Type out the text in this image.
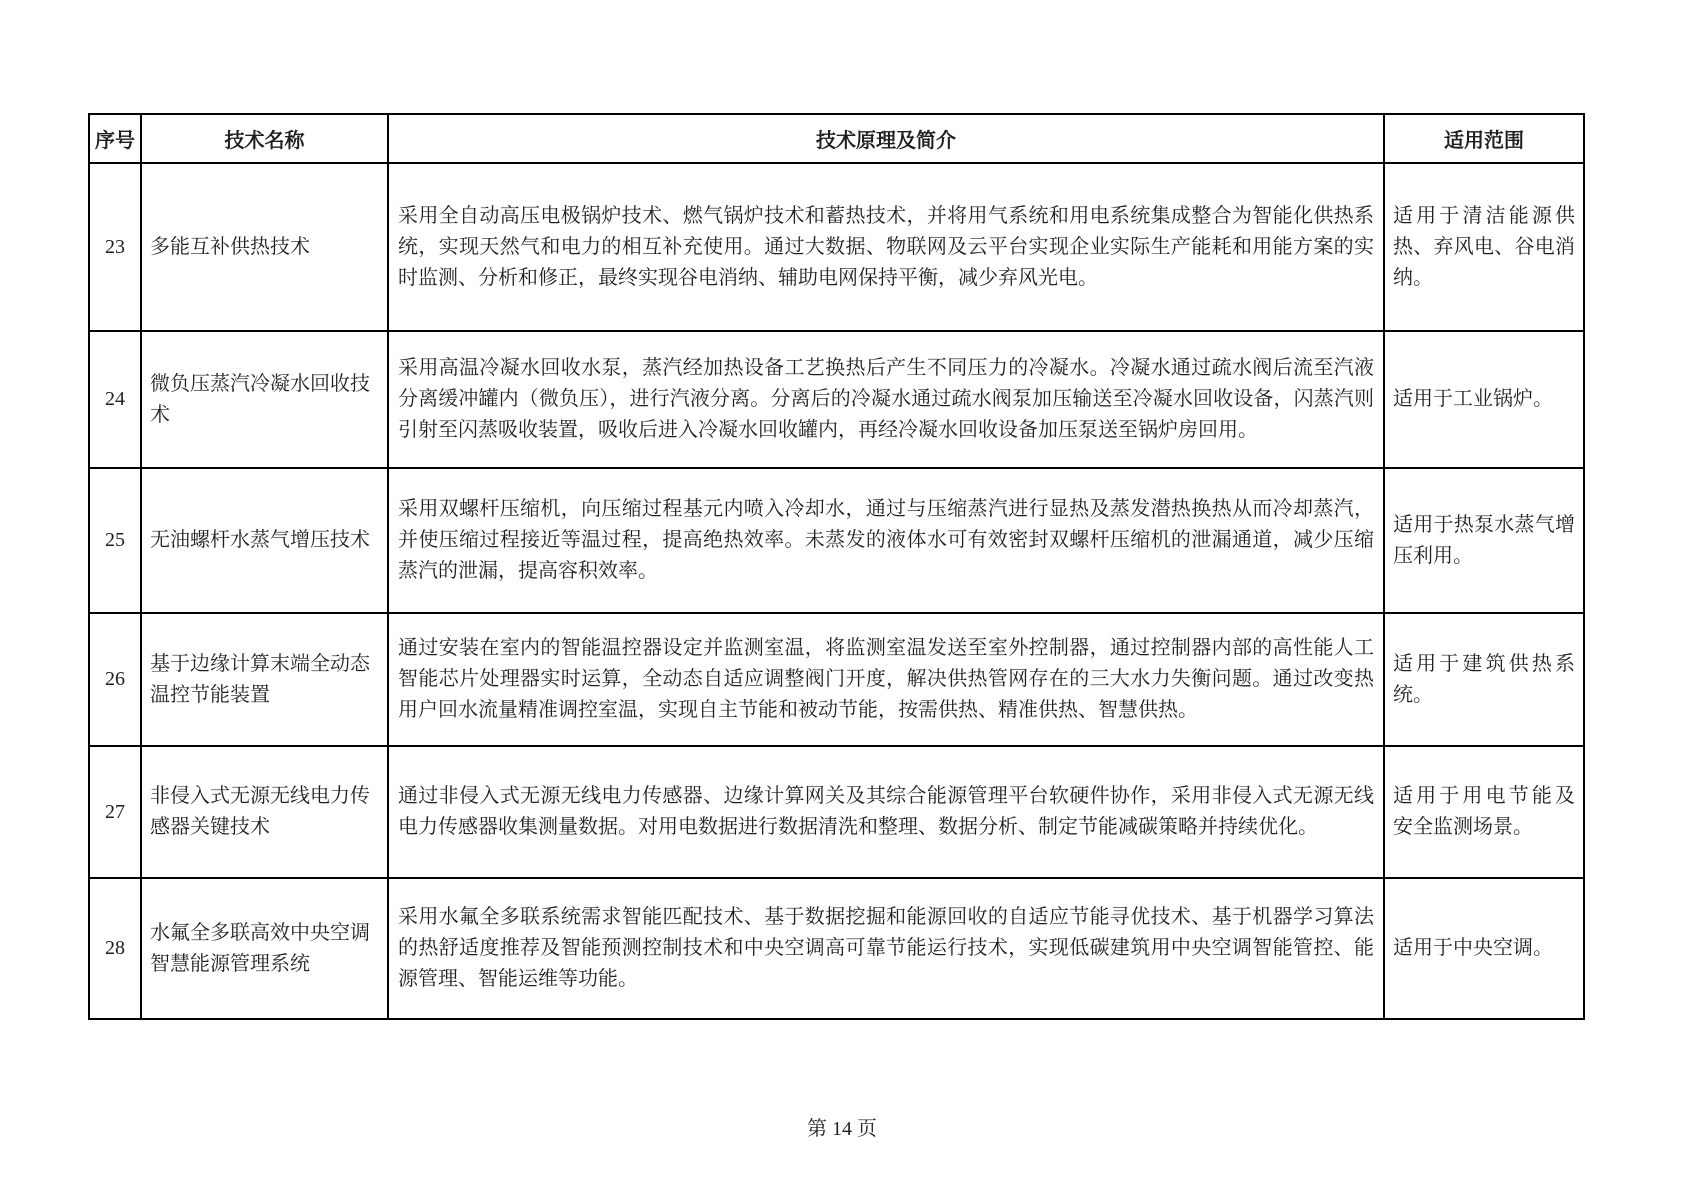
序号	技术名称	技术原理及简介	适用范围
23	多能互补供热技术	采用全自动高压电极锅炉技术、燃气锅炉技术和蓄热技术，并将用气系统和用电系统集成整合为智能化供热系统，实现天然气和电力的相互补充使用。通过大数据、物联网及云平台实现企业实际生产能耗和用能方案的实时监测、分析和修正，最终实现谷电消纳、辅助电网保持平衡，减少弃风光电。	适用于清洁能源供热、弃风电、谷电消纳。
24	微负压蒸汽冷凝水回收技术	采用高温冷凝水回收水泵，蒸汽经加热设备工艺换热后产生不同压力的冷凝水。冷凝水通过疏水阀后流至汽液分离缓冲罐内（微负压），进行汽液分离。分离后的冷凝水通过疏水阀泵加压输送至冷凝水回收设备，闪蒸汽则引射至闪蒸吸收装置，吸收后进入冷凝水回收罐内，再经冷凝水回收设备加压泵送至锅炉房回用。	适用于工业锅炉。
25	无油螺杆水蒸气增压技术	采用双螺杆压缩机，向压缩过程基元内喷入冷却水，通过与压缩蒸汽进行显热及蒸发潜热换热从而冷却蒸汽，并使压缩过程接近等温过程，提高绝热效率。未蒸发的液体水可有效密封双螺杆压缩机的泄漏通道，减少压缩蒸汽的泄漏，提高容积效率。	适用于热泵水蒸气增压利用。
26	基于边缘计算末端全动态温控节能装置	通过安装在室内的智能温控器设定并监测室温，将监测室温发送至室外控制器，通过控制器内部的高性能人工智能芯片处理器实时运算，全动态自适应调整阀门开度，解决供热管网存在的三大水力失衡问题。通过改变热用户回水流量精准调控室温，实现自主节能和被动节能，按需供热、精准供热、智慧供热。	适用于建筑供热系统。
27	非侵入式无源无线电力传感器关键技术	通过非侵入式无源无线电力传感器、边缘计算网关及其综合能源管理平台软硬件协作，采用非侵入式无源无线电力传感器收集测量数据。对用电数据进行数据清洗和整理、数据分析、制定节能减碳策略并持续优化。	适用于用电节能及 安全监测场景。
28	水氟全多联高效中央空调智慧能源管理系统	采用水氟全多联系统需求智能匹配技术、基于数据挖掘和能源回收的自适应节能寻优技术、基于机器学习算法的热舒适度推荐及智能预测控制技术和中央空调高可靠节能运行技术，实现低碳建筑用中央空调智能管控、能源管理、智能运维等功能。	适用于中央空调。
第 14 页
